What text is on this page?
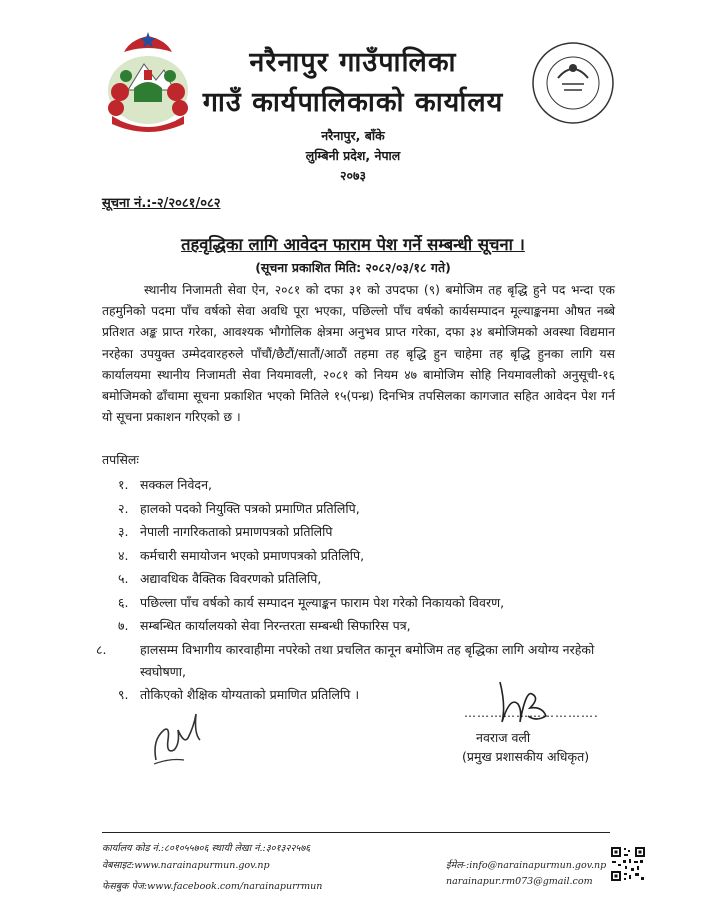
नरैनापुर गाउँपालिका
गाउँ कार्यपालिकाको कार्यालय
नरैनापुर, बाँके
लुम्बिनी प्रदेश, नेपाल
२०७३
सूचना नं.:-२/२०८१/०८२
तहवृद्धिका लागि आवेदन फाराम पेश गर्ने सम्बन्धी सूचना ।
(सूचना प्रकाशित मिति: २०८२/०३/१८ गते)
स्थानीय निजामती सेवा ऐन, २०८१ को दफा ३१ को उपदफा (९) बमोजिम तह बृद्धि हुने पद भन्दा एक तहमुनिको पदमा पाँच वर्षको सेवा अवधि पूरा भएका, पछिल्लो पाँच वर्षको कार्यसम्पादन मूल्याङ्कनमा औषत नब्बे प्रतिशत अङ्क प्राप्त गरेका, आवश्यक भौगोलिक क्षेत्रमा अनुभव प्राप्त गरेका, दफा ३४ बमोजिमको अवस्था विद्यमान नरहेका उपयुक्त उम्मेदवारहरुले पाँचौं/छैटौं/सातौं/आठौं तहमा तह बृद्धि हुन चाहेमा तह बृद्धि हुनका लागि यस कार्यालयमा स्थानीय निजामती सेवा नियमावली, २०८१ को नियम ४७ बामोजिम सोहि नियमावलीको अनुसूची-१६ बमोजिमको ढाँचामा सूचना प्रकाशित भएको मितिले १५(पन्ध्र) दिनभित्र तपसिलका कागजात सहित आवेदन पेश गर्न यो सूचना प्रकाशन गरिएको छ ।
तपसिलः
१. सक्कल निवेदन,
२. हालको पदको नियुक्ति पत्रको प्रमाणित प्रतिलिपि,
३. नेपाली नागरिकताको प्रमाणपत्रको प्रतिलिपि
४. कर्मचारी समायोजन भएको प्रमाणपत्रको प्रतिलिपि,
५. अद्यावधिक वैक्तिक विवरणको प्रतिलिपि,
६. पछिल्ला पाँच वर्षको कार्य सम्पादन मूल्याङ्कन फाराम पेश गरेको निकायको विवरण,
७. सम्बन्धित कार्यालयको सेवा निरन्तरता सम्बन्धी सिफारिस पत्र,
८.	हालसम्म विभागीय कारवाहीमा नपरेको तथा प्रचलित कानून बमोजिम तह बृद्धिका लागि अयोग्य नरहेको स्वघोषणा,
९. तोकिएको शैक्षिक योग्यताको प्रमाणित प्रतिलिपि ।
………………………….
नवराज वली
(प्रमुख प्रशासकीय अधिकृत)
कार्यालय कोड नं.:८०१०५५७०६ स्थायी लेखा नं.:३०१३२२५७६
वेबसाइट:www.narainapurmun.gov.np
फेसबुक पेज:www.facebook.com/narainapurrmun
ईमेल-:info@narainapurmun.gov.np
narainapur.rm073@gmail.com
